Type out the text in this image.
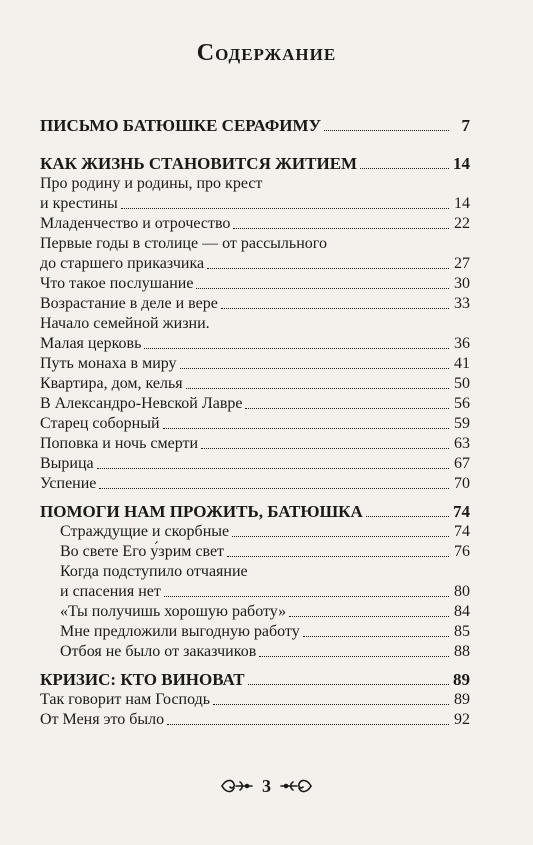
Содержание
ПИСЬМО БАТЮШКЕ СЕРАФИМУ	7
КАК ЖИЗНЬ СТАНОВИТСЯ ЖИТИЕМ	14
Про родину и родины, про крест
и крестины	14
Младенчество и отрочество	22
Первые годы в столице — от рассыльного
до старшего приказчика	27
Что такое послушание	30
Возрастание в деле и вере	33
Начало семейной жизни.
Малая церковь	36
Путь монаха в миру	41
Квартира, дом, келья	50
В Александро-Невской Лавре	56
Старец соборный	59
Поповка и ночь смерти	63
Вырица	67
Успение	70
ПОМОГИ НАМ ПРОЖИТЬ, БАТЮШКА	74
Страждущие и скорбные	74
Во свете Его у́зрим свет	76
Когда подступило отчаяние
и спасения нет	80
«Ты получишь хорошую работу»	84
Мне предложили выгодную работу	85
Отбоя не было от заказчиков	88
КРИЗИС: КТО ВИНОВАТ	89
Так говорит нам Господь	89
От Меня это было	92
3
